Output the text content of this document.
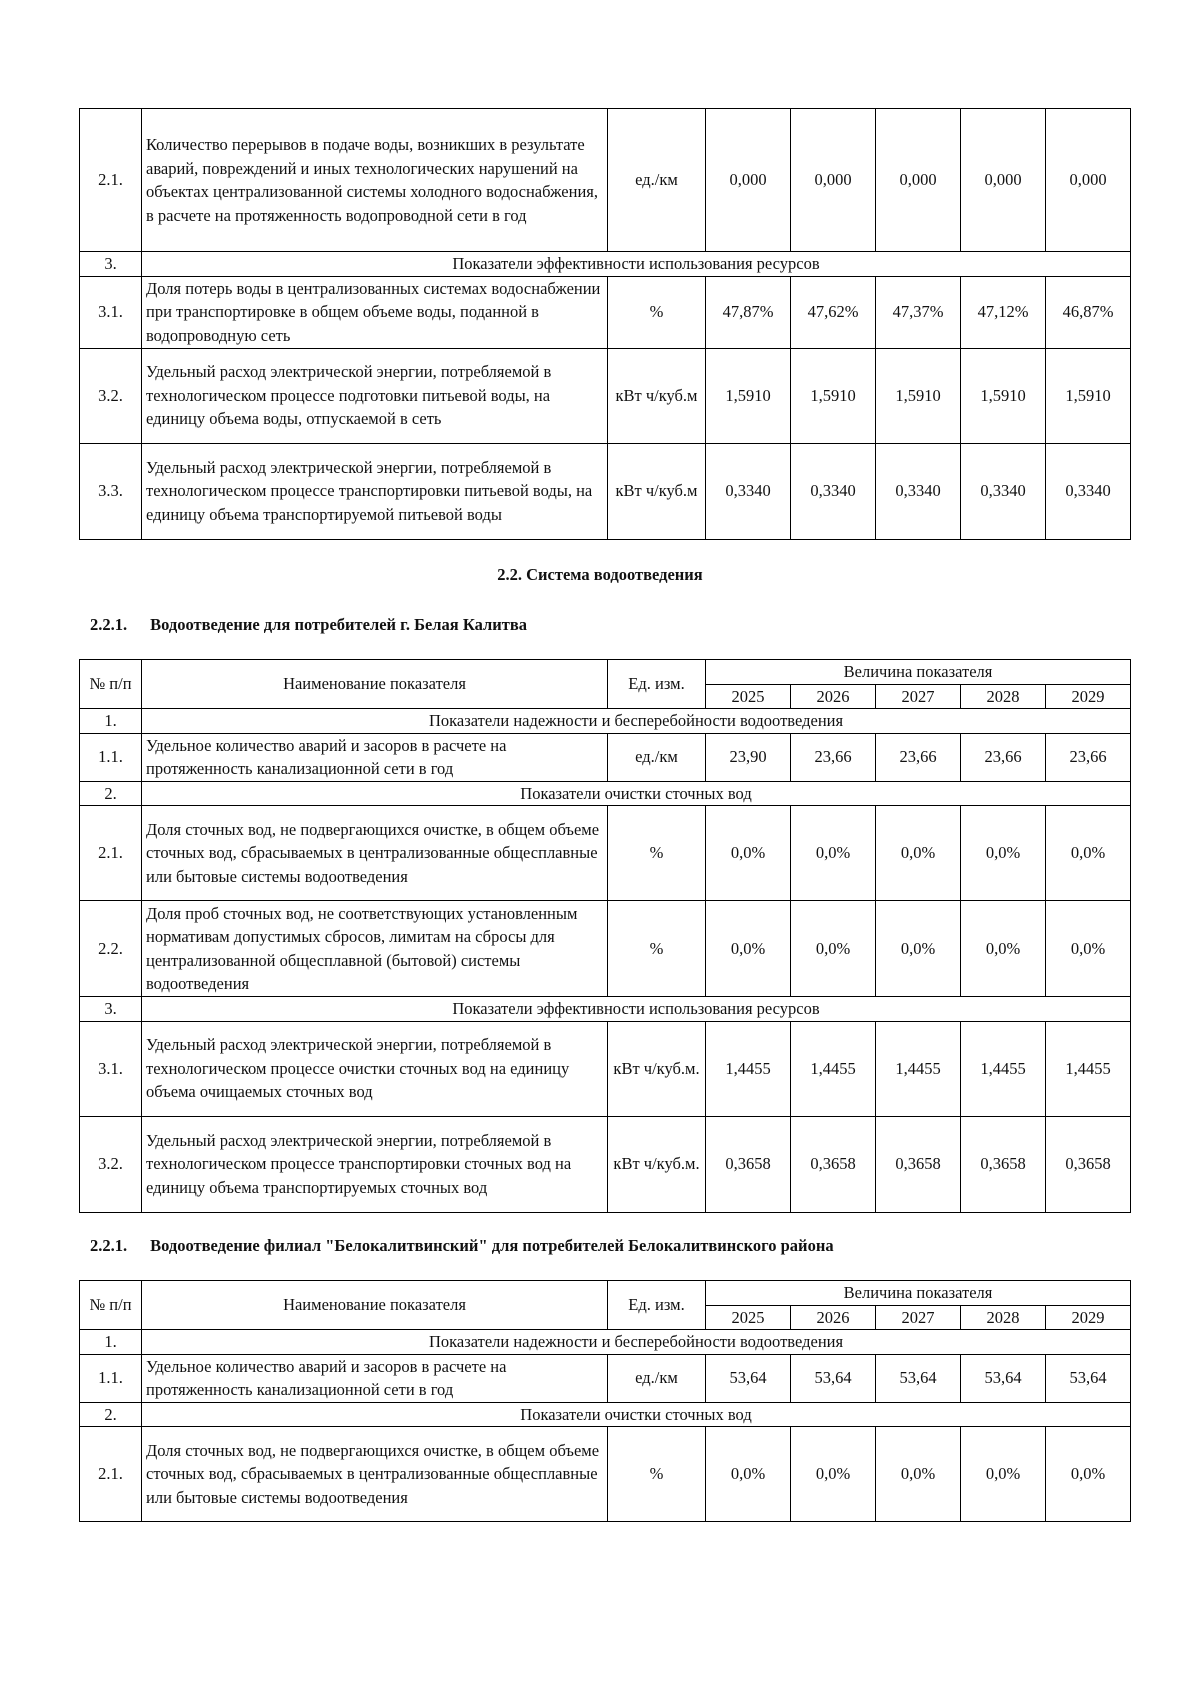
2.1.	Количество перерывов в подаче воды, возникших в результате аварий, повреждений и иных технологических нарушений на объектах централизованной системы холодного водоснабжения, в расчете на протяженность водопроводной сети в год	ед./км	0,000	0,000	0,000	0,000	0,000
3.	Показатели эффективности использования ресурсов						
3.1.	Доля потерь воды в централизованных системах водоснабжении при транспортировке в общем объеме воды, поданной в водопроводную сеть	%	47,87%	47,62%	47,37%	47,12%	46,87%
3.2.	Удельный расход электрической энергии, потребляемой в технологическом процессе подготовки питьевой воды, на единицу объема воды, отпускаемой в сеть	кВт ч/куб.м	1,5910	1,5910	1,5910	1,5910	1,5910
3.3.	Удельный расход электрической энергии, потребляемой в технологическом процессе транспортировки питьевой воды, на единицу объема транспортируемой питьевой воды	кВт ч/куб.м	0,3340	0,3340	0,3340	0,3340	0,3340
2.2. Система водоотведения
2.2.1. Водоотведение для потребителей г. Белая Калитва
№ п/п	Наименование показателя	Ед. изм.	Величина показателя				
			2025	2026	2027	2028	2029
1.	Показатели надежности и бесперебойности водоотведения						
1.1.	Удельное количество аварий и засоров в расчете на протяженность канализационной сети в год	ед./км	23,90	23,66	23,66	23,66	23,66
2.	Показатели очистки сточных вод						
2.1.	Доля сточных вод, не подвергающихся очистке, в общем объеме сточных вод, сбрасываемых в централизованные общесплавные или бытовые системы водоотведения	%	0,0%	0,0%	0,0%	0,0%	0,0%
2.2.	Доля проб сточных вод, не соответствующих установленным нормативам допустимых сбросов, лимитам на сбросы для централизованной общесплавной (бытовой) системы водоотведения	%	0,0%	0,0%	0,0%	0,0%	0,0%
3.	Показатели эффективности использования ресурсов						
3.1.	Удельный расход электрической энергии, потребляемой в технологическом процессе очистки сточных вод на единицу объема очищаемых сточных вод	кВт ч/куб.м.	1,4455	1,4455	1,4455	1,4455	1,4455
3.2.	Удельный расход электрической энергии, потребляемой в технологическом процессе транспортировки сточных вод на единицу объема транспортируемых сточных вод	кВт ч/куб.м.	0,3658	0,3658	0,3658	0,3658	0,3658
2.2.1. Водоотведение филиал "Белокалитвинский" для потребителей Белокалитвинского района
№ п/п	Наименование показателя	Ед. изм.	Величина показателя				
			2025	2026	2027	2028	2029
1.	Показатели надежности и бесперебойности водоотведения						
1.1.	Удельное количество аварий и засоров в расчете на протяженность канализационной сети в год	ед./км	53,64	53,64	53,64	53,64	53,64
2.	Показатели очистки сточных вод						
2.1.	Доля сточных вод, не подвергающихся очистке, в общем объеме сточных вод, сбрасываемых в централизованные общесплавные или бытовые системы водоотведения	%	0,0%	0,0%	0,0%	0,0%	0,0%
